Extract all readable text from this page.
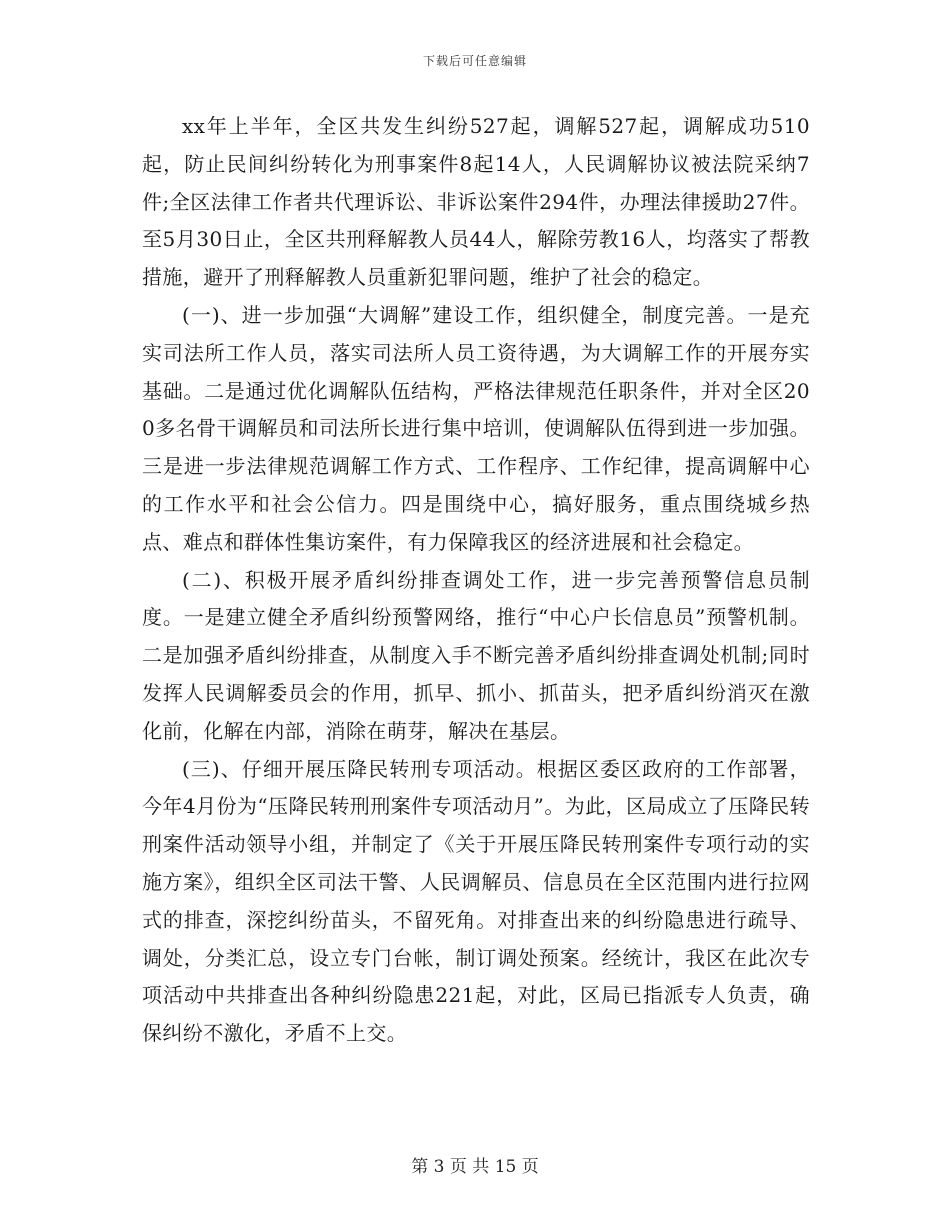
下载后可任意编辑

xx年上半年，全区共发生纠纷527起，调解527起，调解成功510起，防止民间纠纷转化为刑事案件8起14人，人民调解协议被法院采纳7件;全区法律工作者共代理诉讼、非诉讼案件294件，办理法律援助27件。至5月30日止，全区共刑释解教人员44人，解除劳教16人，均落实了帮教措施，避开了刑释解教人员重新犯罪问题，维护了社会的稳定。

(一)、进一步加强“大调解”建设工作，组织健全，制度完善。一是充实司法所工作人员，落实司法所人员工资待遇，为大调解工作的开展夯实基础。二是通过优化调解队伍结构，严格法律规范任职条件，并对全区200多名骨干调解员和司法所长进行集中培训，使调解队伍得到进一步加强。三是进一步法律规范调解工作方式、工作程序、工作纪律，提高调解中心的工作水平和社会公信力。四是围绕中心，搞好服务，重点围绕城乡热点、难点和群体性集访案件，有力保障我区的经济进展和社会稳定。

(二)、积极开展矛盾纠纷排查调处工作，进一步完善预警信息员制度。一是建立健全矛盾纠纷预警网络，推行“中心户长信息员”预警机制。二是加强矛盾纠纷排查，从制度入手不断完善矛盾纠纷排查调处机制;同时发挥人民调解委员会的作用，抓早、抓小、抓苗头，把矛盾纠纷消灭在激化前，化解在内部，消除在萌芽，解决在基层。

(三)、仔细开展压降民转刑专项活动。根据区委区政府的工作部署，今年4月份为“压降民转刑刑案件专项活动月”。为此，区局成立了压降民转刑案件活动领导小组，并制定了《关于开展压降民转刑案件专项行动的实施方案》，组织全区司法干警、人民调解员、信息员在全区范围内进行拉网式的排查，深挖纠纷苗头，不留死角。对排查出来的纠纷隐患进行疏导、调处，分类汇总，设立专门台帐，制订调处预案。经统计，我区在此次专项活动中共排查出各种纠纷隐患221起，对此，区局已指派专人负责，确保纠纷不激化，矛盾不上交。

第 3 页 共 15 页
